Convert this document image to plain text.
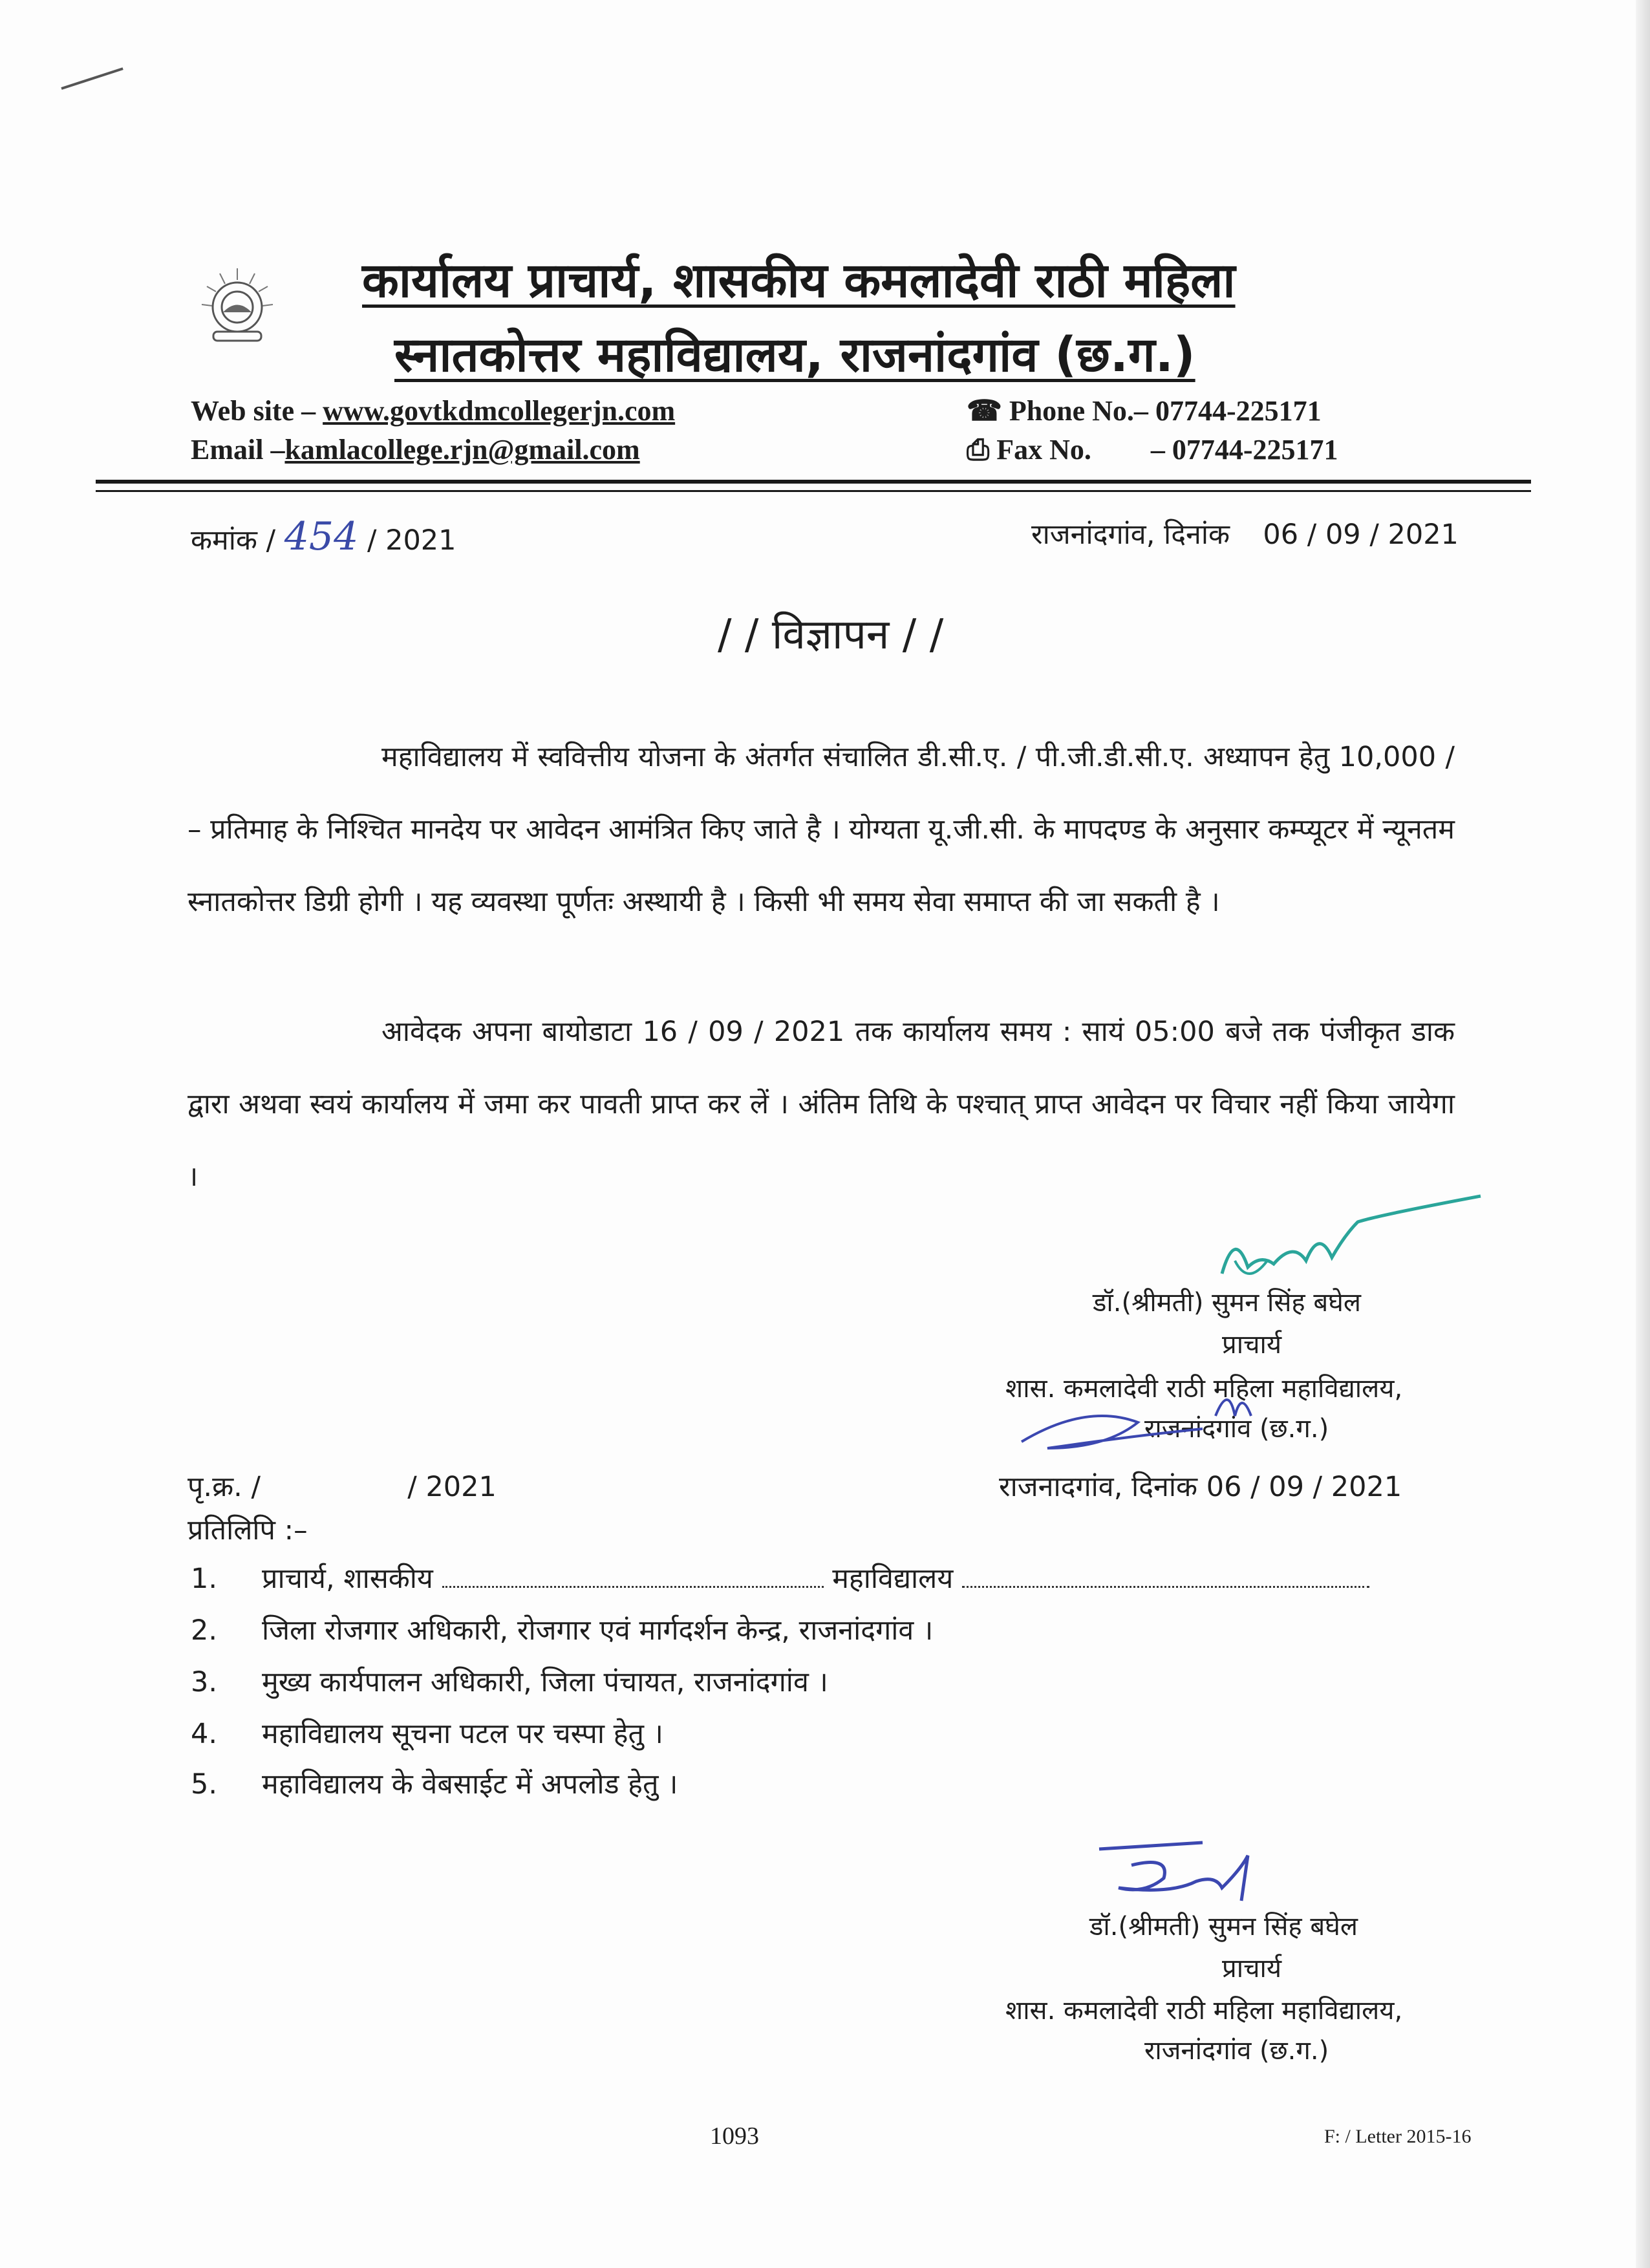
कार्यालय प्राचार्य, शासकीय कमलादेवी राठी महिला
स्नातकोत्तर महाविद्यालय, राजनांदगांव (छ.ग.)
Web site – www.govtkdmcollegerjn.com
Email –kamlacollege.rjn@gmail.com
☎ Phone No.– 07744-225171
⎙ Fax No. – 07744-225171
कमांक / 454 / 2021	राजनांदगांव, दिनांक 06 / 09 / 2021
/ / विज्ञापन / /
महाविद्यालय में स्ववित्तीय योजना के अंतर्गत संचालित डी.सी.ए. / पी.जी.डी.सी.ए. अध्यापन हेतु 10,000 / – प्रतिमाह के निश्चित मानदेय पर आवेदन आमंत्रित किए जाते है । योग्यता यू.जी.सी. के मापदण्ड के अनुसार कम्प्यूटर में न्यूनतम स्नातकोत्तर डिग्री होगी । यह व्यवस्था पूर्णतः अस्थायी है । किसी भी समय सेवा समाप्त की जा सकती है ।
आवेदक अपना बायोडाटा 16 / 09 / 2021 तक कार्यालय समय : सायं 05:00 बजे तक पंजीकृत डाक द्वारा अथवा स्वयं कार्यालय में जमा कर पावती प्राप्त कर लें । अंतिम तिथि के पश्चात् प्राप्त आवेदन पर विचार नहीं किया जायेगा ।
डॉ.(श्रीमती) सुमन सिंह बघेल
प्राचार्य
शास. कमलादेवी राठी महिला महाविद्यालय,
राजनांदगांव (छ.ग.)
पृ.क्र. /	/ 2021	राजनादगांव, दिनांक 06 / 09 / 2021
प्रतिलिपि :–
1. प्राचार्य, शासकीय	महाविद्यालय
2. जिला रोजगार अधिकारी, रोजगार एवं मार्गदर्शन केन्द्र, राजनांदगांव ।
3. मुख्य कार्यपालन अधिकारी, जिला पंचायत, राजनांदगांव ।
4. महाविद्यालय सूचना पटल पर चस्पा हेतु ।
5. महाविद्यालय के वेबसाईट में अपलोड हेतु ।
डॉ.(श्रीमती) सुमन सिंह बघेल
प्राचार्य
शास. कमलादेवी राठी महिला महाविद्यालय,
राजनांदगांव (छ.ग.)
1093	F: / Letter 2015-16
